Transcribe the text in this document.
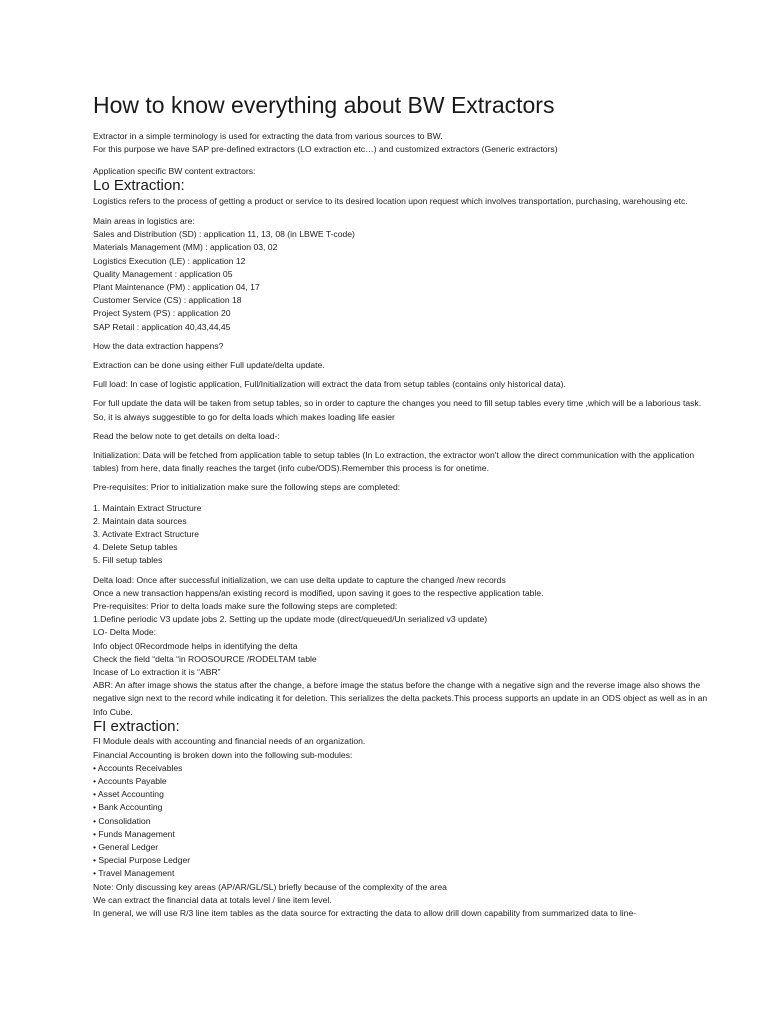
How to know everything about BW Extractors

Extractor in a simple terminology is used for extracting the data from various sources to BW.

For this purpose we have SAP pre-defined extractors (LO extraction etc…) and customized extractors (Generic extractors)

Application specific BW content extractors:

Lo Extraction:

Logistics refers to the process of getting a product or service to its desired location upon request which involves transportation, purchasing, warehousing etc.

Main areas in logistics are:

Sales and Distribution (SD) : application 11, 13, 08 (in LBWE T-code)

Materials Management (MM) : application 03, 02

Logistics Execution (LE) : application 12

Quality Management : application 05

Plant Maintenance (PM) : application 04, 17

Customer Service (CS) : application 18

Project System (PS) : application 20

SAP Retail : application 40,43,44,45

How the data extraction happens?

Extraction can be done using either Full update/delta update.

Full load: In case of logistic application, Full/Initialization will extract the data from setup tables (contains only historical data).

For full update the data will be taken from setup tables, so in order to capture the changes you need to fill setup tables every time ,which will be a laborious task.

So, it is always suggestible to go for delta loads which makes loading life easier

Read the below note to get details on delta load-:

Initialization: Data will be fetched from application table to setup tables (In Lo extraction, the extractor won't allow the direct communication with the application tables) from here, data finally reaches the target (info cube/ODS).Remember this process is for onetime.

Pre-requisites: Prior to initialization make sure the following steps are completed:

1. Maintain Extract Structure

2. Maintain data sources

3. Activate Extract Structure

4. Delete Setup tables

5. Fill setup tables

Delta load: Once after successful initialization, we can use delta update to capture the changed /new records

Once a new transaction happens/an existing record is modified, upon saving it goes to the respective application table.

Pre-requisites: Prior to delta loads make sure the following steps are completed:

1.Define periodic V3 update jobs 2. Setting up the update mode (direct/queued/Un serialized v3 update)

LO- Delta Mode:

Info object 0Recordmode helps in identifying the delta

Check the field “delta “in ROOSOURCE /RODELTAM table

Incase of Lo extraction it is “ABR”

ABR: An after image shows the status after the change, a before image the status before the change with a negative sign and the reverse image also shows the negative sign next to the record while indicating it for deletion. This serializes the delta packets.This process supports an update in an ODS object as well as in an Info Cube.

FI extraction:

FI Module deals with accounting and financial needs of an organization.

Financial Accounting is broken down into the following sub-modules:

• Accounts Receivables

• Accounts Payable

• Asset Accounting

• Bank Accounting

• Consolidation

• Funds Management

• General Ledger

• Special Purpose Ledger

• Travel Management

Note: Only discussing key areas (AP/AR/GL/SL) briefly because of the complexity of the area

We can extract the financial data at totals level / line item level.

In general, we will use R/3 line item tables as the data source for extracting the data to allow drill down capability from summarized data to line-
